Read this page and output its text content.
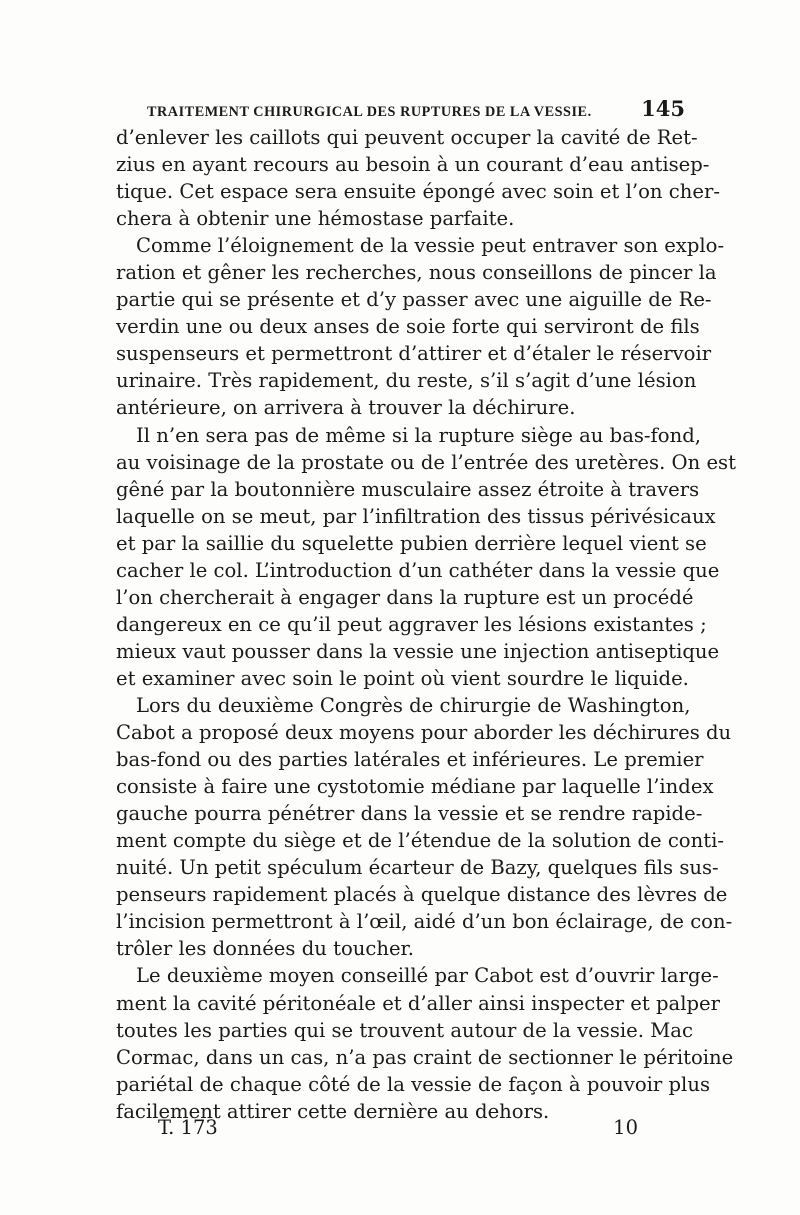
TRAITEMENT CHIRURGICAL DES RUPTURES DE LA VESSIE. 145
d’enlever les caillots qui peuvent occuper la cavité de Ret-
zius en ayant recours au besoin à un courant d’eau antisep-
tique. Cet espace sera ensuite épongé avec soin et l’on cher-
chera à obtenir une hémostase parfaite.
Comme l’éloignement de la vessie peut entraver son explo-
ration et gêner les recherches, nous conseillons de pincer la
partie qui se présente et d’y passer avec une aiguille de Re-
verdin une ou deux anses de soie forte qui serviront de fils
suspenseurs et permettront d’attirer et d’étaler le réservoir
urinaire. Très rapidement, du reste, s’il s’agit d’une lésion
antérieure, on arrivera à trouver la déchirure.
Il n’en sera pas de même si la rupture siège au bas-fond,
au voisinage de la prostate ou de l’entrée des uretères. On est
gêné par la boutonnière musculaire assez étroite à travers
laquelle on se meut, par l’infiltration des tissus périvésicaux
et par la saillie du squelette pubien derrière lequel vient se
cacher le col. L’introduction d’un cathéter dans la vessie que
l’on chercherait à engager dans la rupture est un procédé
dangereux en ce qu’il peut aggraver les lésions existantes ;
mieux vaut pousser dans la vessie une injection antiseptique
et examiner avec soin le point où vient sourdre le liquide.
Lors du deuxième Congrès de chirurgie de Washington,
Cabot a proposé deux moyens pour aborder les déchirures du
bas-fond ou des parties latérales et inférieures. Le premier
consiste à faire une cystotomie médiane par laquelle l’index
gauche pourra pénétrer dans la vessie et se rendre rapide-
ment compte du siège et de l’étendue de la solution de conti-
nuité. Un petit spéculum écarteur de Bazy, quelques fils sus-
penseurs rapidement placés à quelque distance des lèvres de
l’incision permettront à l’œil, aidé d’un bon éclairage, de con-
trôler les données du toucher.
Le deuxième moyen conseillé par Cabot est d’ouvrir large-
ment la cavité péritonéale et d’aller ainsi inspecter et palper
toutes les parties qui se trouvent autour de la vessie. Mac
Cormac, dans un cas, n’a pas craint de sectionner le péritoine
pariétal de chaque côté de la vessie de façon à pouvoir plus
facilement attirer cette dernière au dehors.
T. 173	10
